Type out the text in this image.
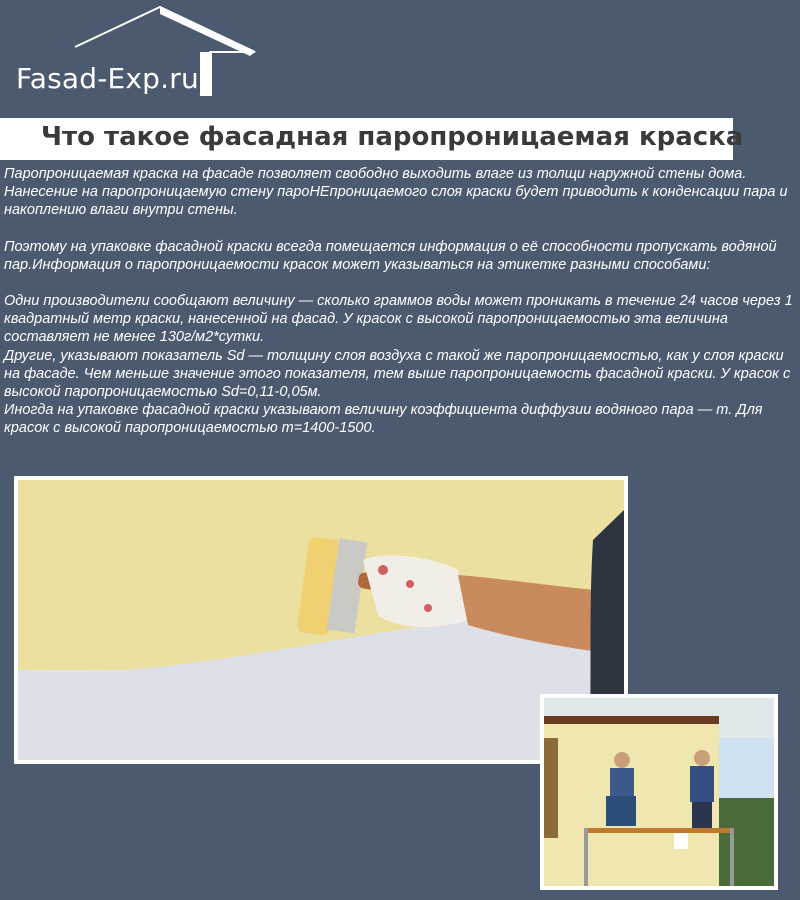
Fasad-Exp.ru
Что такое фасадная паропроницаемая краска

Паропроницаемая краска на фасаде позволяет свободно выходить влаге из толщи наружной стены дома. Нанесение на паропроницаемую стену пароНЕпроницаемого слоя краски будет приводить к конденсации пара и накоплению влаги внутри стены.

Поэтому на упаковке фасадной краски всегда помещается информация о её способности пропускать водяной пар.Информация о паропроницаемости красок может указываться на этикетке разными способами:

Одни производители сообщают величину — сколько граммов воды может проникать в течение 24 часов через 1 квадратный метр краски, нанесенной на фасад. У красок с высокой паропроницаемостью эта величина составляет не менее 130г/м2*сутки.

Другие, указывают показатель Sd — толщину слоя воздуха с такой же паропроницаемостью, как у слоя краски на фасаде. Чем меньше значение этого показателя, тем выше паропроницаемость фасадной краски. У красок с высокой паропроницаемостью Sd=0,11-0,05м.

Иногда на упаковке фасадной краски указывают величину коэффициента диффузии водяного пара — m. Для красок с высокой паропроницаемостью m=1400-1500.
